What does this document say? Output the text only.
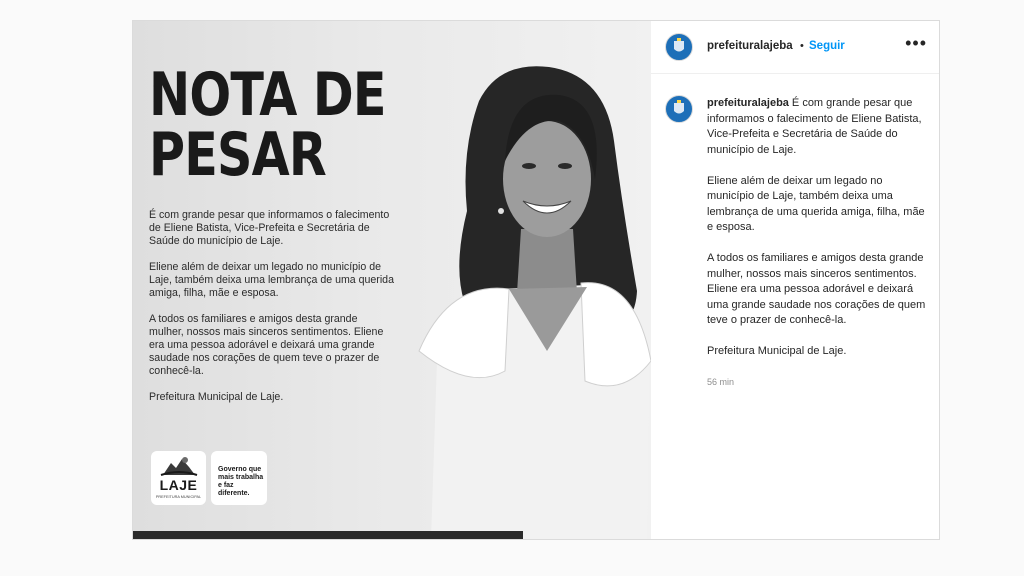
NOTA DE
PESAR

É com grande pesar que informamos o falecimento de Eliene Batista, Vice-Prefeita e Secretária de Saúde do município de Laje.

Eliene além de deixar um legado no município de Laje, também deixa uma lembrança de uma querida amiga, filha, mãe e esposa.

A todos os familiares e amigos desta grande mulher, nossos mais sinceros sentimentos. Eliene era uma pessoa adorável e deixará uma grande saudade nos corações de quem teve o prazer de conhecê-la.

Prefeitura Municipal de Laje.

LAJE
PREFEITURA MUNICIPAL
Governo que
mais trabalha
e faz diferente.
prefeituralajeba • Seguir	•••

prefeituralajeba É com grande pesar que informamos o falecimento de Eliene Batista, Vice-Prefeita e Secretária de Saúde do município de Laje.

Eliene além de deixar um legado no município de Laje, também deixa uma lembrança de uma querida amiga, filha, mãe e esposa.

A todos os familiares e amigos desta grande mulher, nossos mais sinceros sentimentos. Eliene era uma pessoa adorável e deixará uma grande saudade nos corações de quem teve o prazer de conhecê-la.

Prefeitura Municipal de Laje.

56 min
